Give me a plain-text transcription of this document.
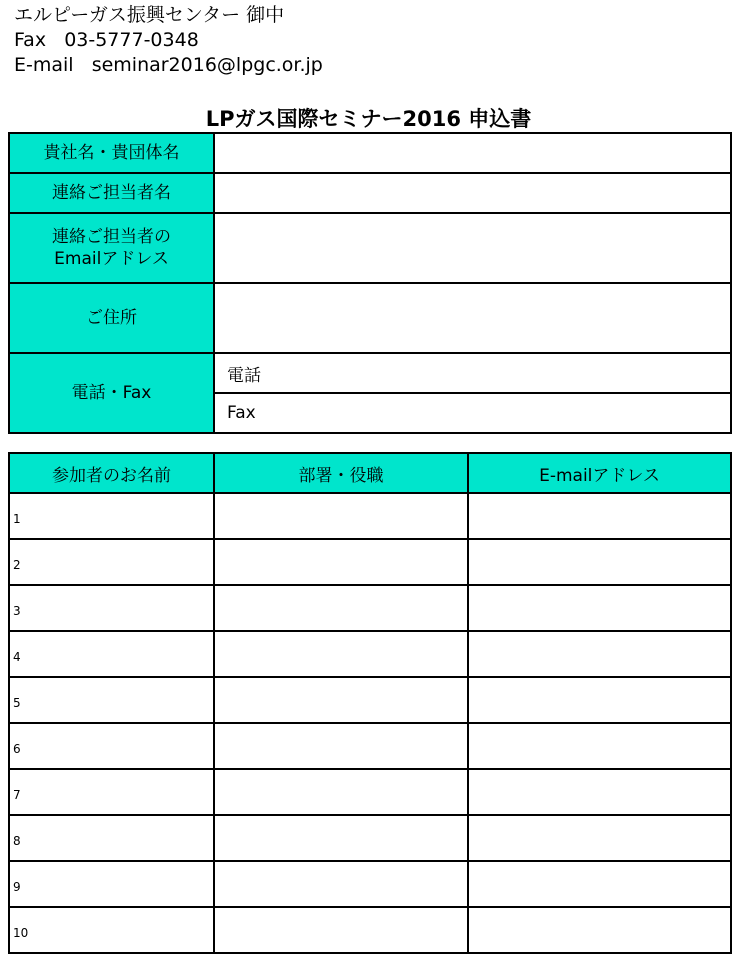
エルピーガス振興センター 御中
Fax   03-5777-0348
E-mail   seminar2016@lpgc.or.jp
LPガス国際セミナー2016 申込書
貴社名・貴団体名	
連絡ご担当者名	
連絡ご担当者の
Emailアドレス	
ご住所	
電話・Fax	電話
	Fax
参加者のお名前	部署・役職	E-mailアドレス
1		
2		
3		
4		
5		
6		
7		
8		
9		
10		
